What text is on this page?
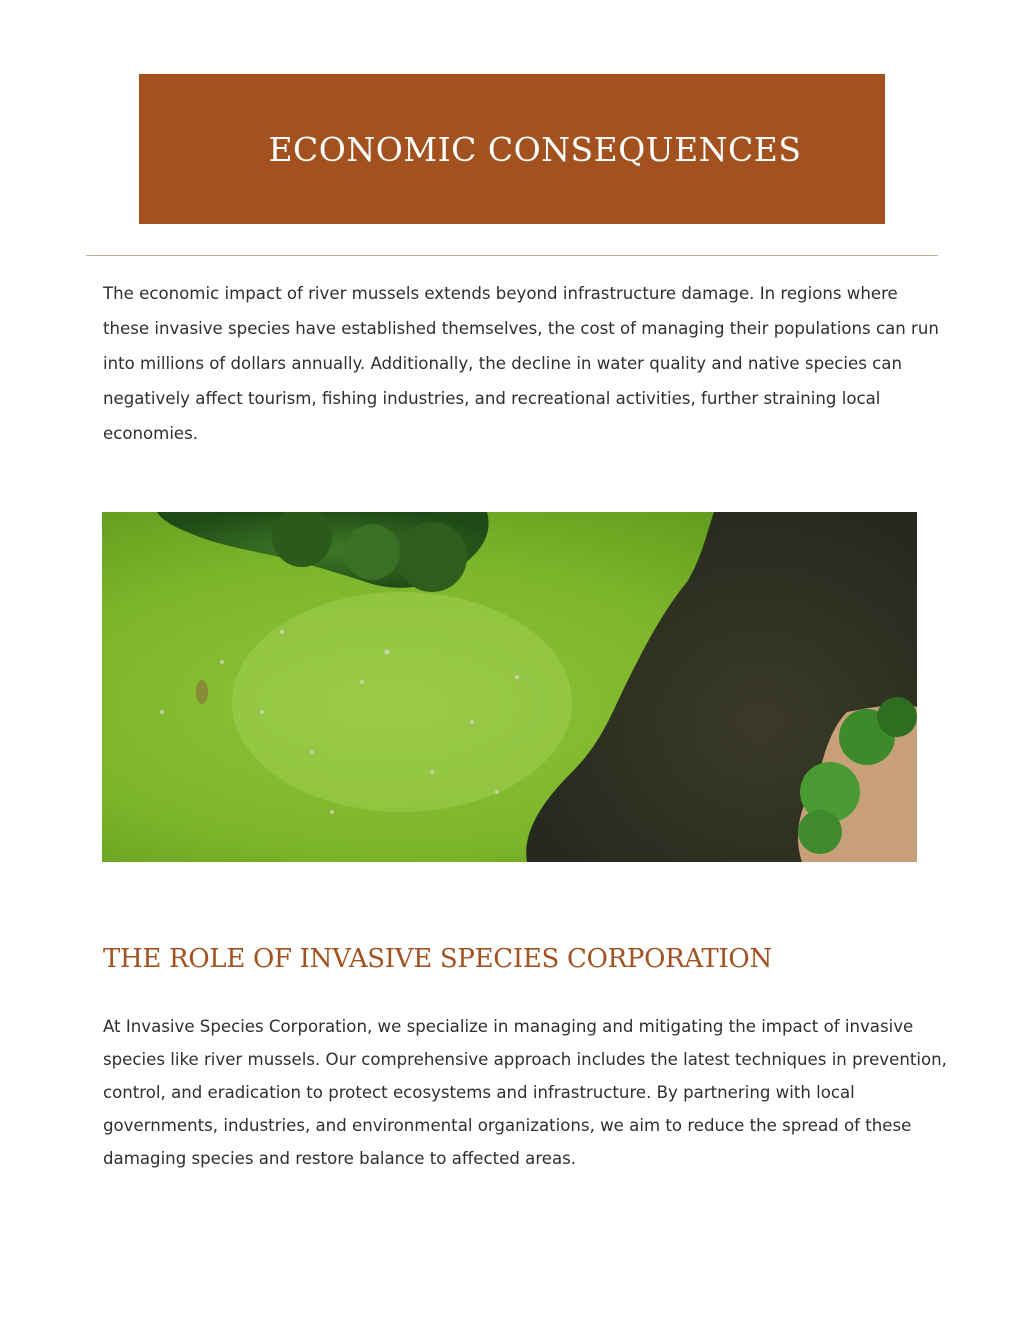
ECONOMIC CONSEQUENCES

The economic impact of river mussels extends beyond infrastructure damage. In regions where these invasive species have established themselves, the cost of managing their populations can run into millions of dollars annually. Additionally, the decline in water quality and native species can negatively affect tourism, fishing industries, and recreational activities, further straining local economies.

THE ROLE OF INVASIVE SPECIES CORPORATION

At Invasive Species Corporation, we specialize in managing and mitigating the impact of invasive species like river mussels. Our comprehensive approach includes the latest techniques in prevention, control, and eradication to protect ecosystems and infrastructure. By partnering with local governments, industries, and environmental organizations, we aim to reduce the spread of these damaging species and restore balance to affected areas.
